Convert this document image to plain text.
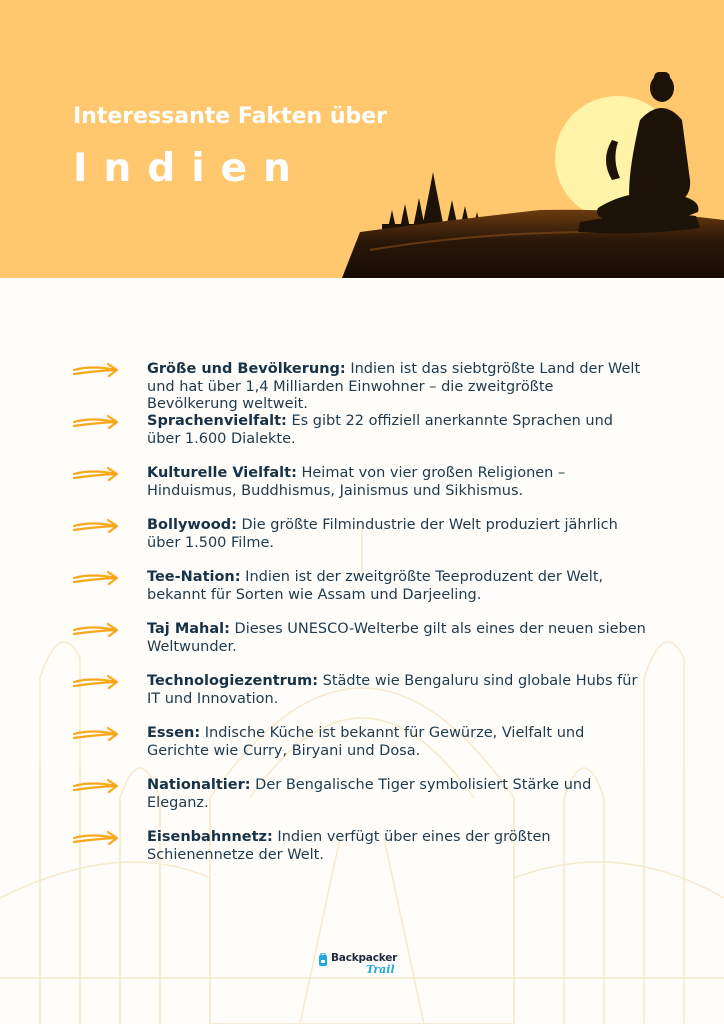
Interessante Fakten über
Indien

Größe und Bevölkerung: Indien ist das siebtgrößte Land der Welt und hat über 1,4 Milliarden Einwohner – die zweitgrößte Bevölkerung weltweit.

Sprachenvielfalt: Es gibt 22 offiziell anerkannte Sprachen und über 1.600 Dialekte.

Kulturelle Vielfalt: Heimat von vier großen Religionen – Hinduismus, Buddhismus, Jainismus und Sikhismus.

Bollywood: Die größte Filmindustrie der Welt produziert jährlich über 1.500 Filme.

Tee-Nation: Indien ist der zweitgrößte Teeproduzent der Welt, bekannt für Sorten wie Assam und Darjeeling.

Taj Mahal: Dieses UNESCO-Welterbe gilt als eines der neuen sieben Weltwunder.

Technologiezentrum: Städte wie Bengaluru sind globale Hubs für IT und Innovation.

Essen: Indische Küche ist bekannt für Gewürze, Vielfalt und Gerichte wie Curry, Biryani und Dosa.

Nationaltier: Der Bengalische Tiger symbolisiert Stärke und Eleganz.

Eisenbahnnetz: Indien verfügt über eines der größten Schienennetze der Welt.

Backpacker
Trail
